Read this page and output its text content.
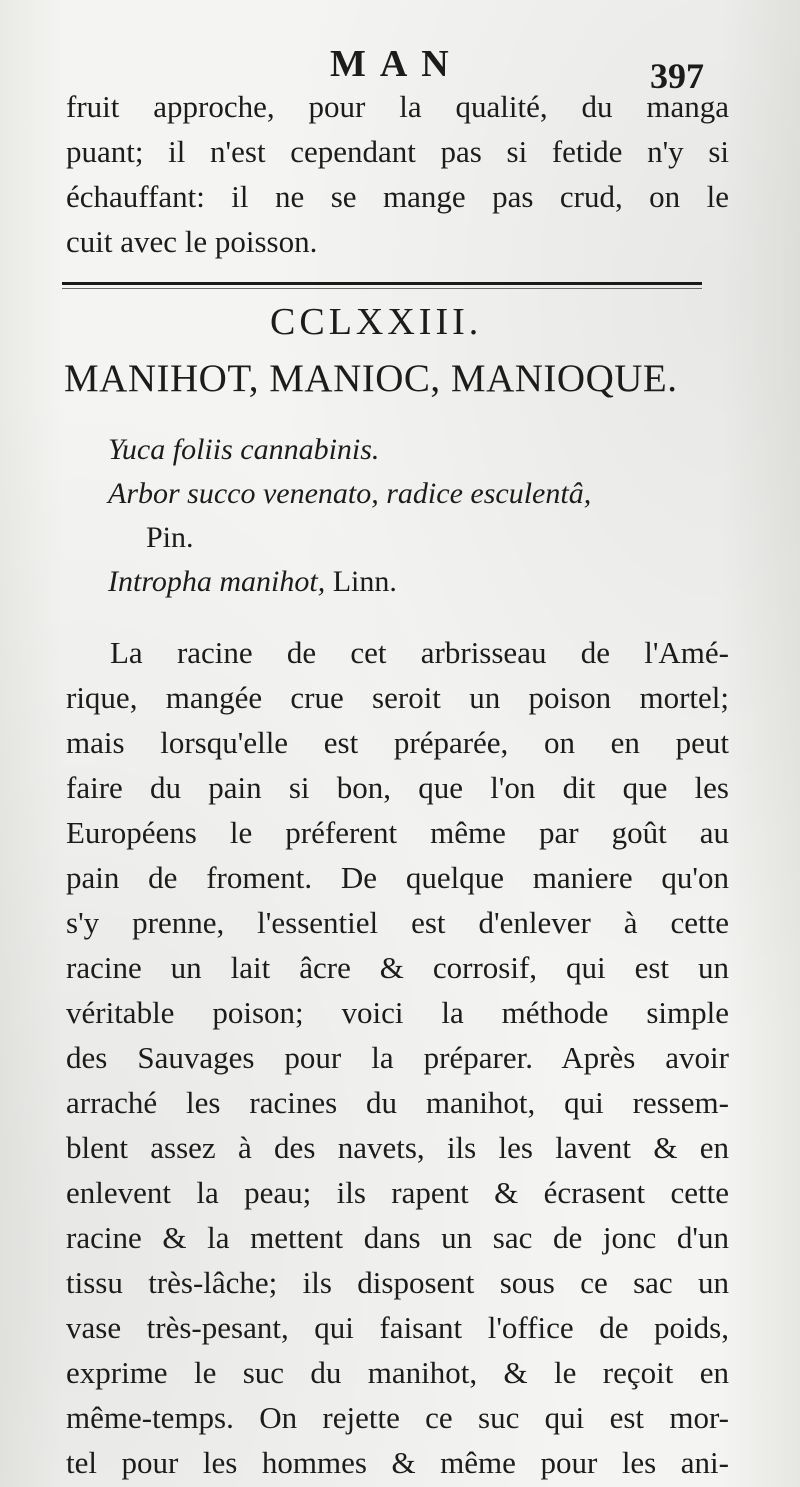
MAN	397
fruit approche, pour la qualité, du manga
puant; il n'est cependant pas si fetide n'y si
échauffant: il ne se mange pas crud, on le
cuit avec le poisson.
CCLXXIII.
MANIHOT, MANIOC, MANIOQUE.
Yuca foliis cannabinis.
Arbor succo venenato, radice esculentâ,
Pin.
Intropha manihot, Linn.
La racine de cet arbrisseau de l'Amé-
rique, mangée crue seroit un poison mortel;
mais lorsqu'elle est préparée, on en peut
faire du pain si bon, que l'on dit que les
Européens le préferent même par goût au
pain de froment. De quelque maniere qu'on
s'y prenne, l'essentiel est d'enlever à cette
racine un lait âcre & corrosif, qui est un
véritable poison; voici la méthode simple
des Sauvages pour la préparer. Après avoir
arraché les racines du manihot, qui ressem-
blent assez à des navets, ils les lavent & en
enlevent la peau; ils rapent & écrasent cette
racine & la mettent dans un sac de jonc d'un
tissu très-lâche; ils disposent sous ce sac un
vase très-pesant, qui faisant l'office de poids,
exprime le suc du manihot, & le reçoit en
même-temps. On rejette ce suc qui est mor-
tel pour les hommes & même pour les ani-
